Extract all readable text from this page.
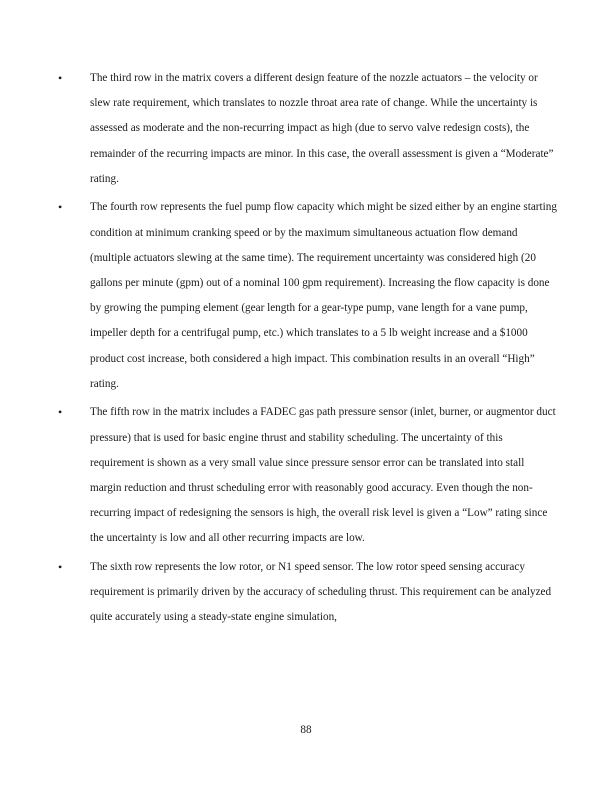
• The third row in the matrix covers a different design feature of the nozzle actuators – the velocity or slew rate requirement, which translates to nozzle throat area rate of change. While the uncertainty is assessed as moderate and the non-recurring impact as high (due to servo valve redesign costs), the remainder of the recurring impacts are minor. In this case, the overall assessment is given a “Moderate” rating.
• The fourth row represents the fuel pump flow capacity which might be sized either by an engine starting condition at minimum cranking speed or by the maximum simultaneous actuation flow demand (multiple actuators slewing at the same time). The requirement uncertainty was considered high (20 gallons per minute (gpm) out of a nominal 100 gpm requirement). Increasing the flow capacity is done by growing the pumping element (gear length for a gear-type pump, vane length for a vane pump, impeller depth for a centrifugal pump, etc.) which translates to a 5 lb weight increase and a $1000 product cost increase, both considered a high impact. This combination results in an overall “High” rating.
• The fifth row in the matrix includes a FADEC gas path pressure sensor (inlet, burner, or augmentor duct pressure) that is used for basic engine thrust and stability scheduling. The uncertainty of this requirement is shown as a very small value since pressure sensor error can be translated into stall margin reduction and thrust scheduling error with reasonably good accuracy. Even though the non-recurring impact of redesigning the sensors is high, the overall risk level is given a “Low” rating since the uncertainty is low and all other recurring impacts are low.
• The sixth row represents the low rotor, or N1 speed sensor. The low rotor speed sensing accuracy requirement is primarily driven by the accuracy of scheduling thrust. This requirement can be analyzed quite accurately using a steady-state engine simulation,
88
